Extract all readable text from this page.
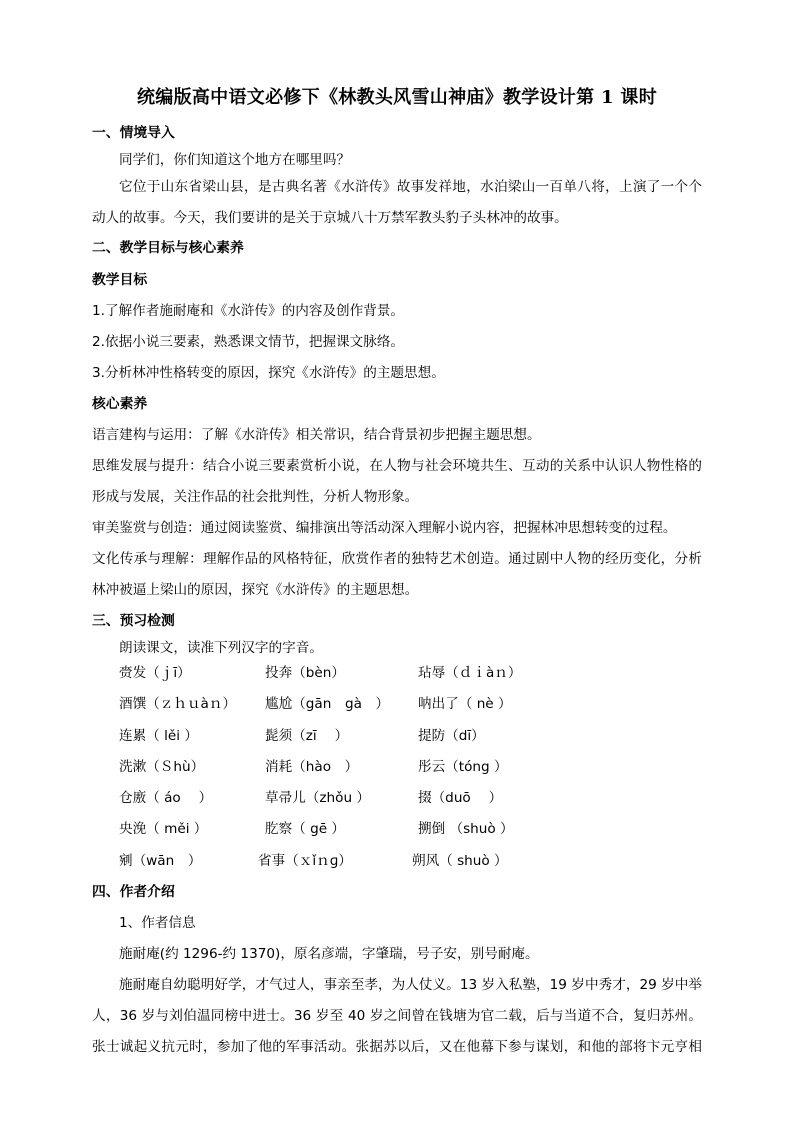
统编版高中语文必修下《林教头风雪山神庙》教学设计第 1 课时
一、情境导入
同学们，你们知道这个地方在哪里吗？
它位于山东省梁山县，是古典名著《水浒传》故事发祥地，水泊梁山一百单八将，上演了一个个
动人的故事。今天，我们要讲的是关于京城八十万禁军教头豹子头林冲的故事。
二、教学目标与核心素养
教学目标
1.了解作者施耐庵和《水浒传》的内容及创作背景。
2.依据小说三要素，熟悉课文情节，把握课文脉络。
3.分析林冲性格转变的原因，探究《水浒传》的主题思想。
核心素养
语言建构与运用：了解《水浒传》相关常识，结合背景初步把握主题思想。
思维发展与提升：结合小说三要素赏析小说，在人物与社会环境共生、互动的关系中认识人物性格的
形成与发展，关注作品的社会批判性，分析人物形象。
审美鉴赏与创造：通过阅读鉴赏、编排演出等活动深入理解小说内容，把握林冲思想转变的过程。
文化传承与理解：理解作品的风格特征，欣赏作者的独特艺术创造。通过剧中人物的经历变化，分析
林冲被逼上梁山的原因，探究《水浒传》的主题思想。
三、预习检测
朗读课文，读准下列汉字的字音。
赍发（ｊī）	投奔（bèn）	玷辱（ｄｉàｎ）
酒馔（ｚｈｕàｎ） 尴尬（gān　gà　） 呐出了（ nè ）
连累（ lěi ）	髭须（zī　 ）	提防（dī）
洗漱（Ｓhù）	消耗（hào　）	彤云（tóng ）
仓廒（ áo　 ）	草帚儿（zhǒu ）	掇（duō　 ）
央浼（ měi ）	肐察（ gē ）	搠倒 （shuò ）
剜（wān　）	省事（ｘǐｎɡ）	朔风（ shuò ）
四、作者介绍
1、作者信息
施耐庵(约 1296-约 1370)，原名彦端，字肇瑞，号子安，别号耐庵。
施耐庵自幼聪明好学，才气过人，事亲至孝，为人仗义。13 岁入私塾，19 岁中秀才，29 岁中举
人，36 岁与刘伯温同榜中进士。36 岁至 40 岁之间曾在钱塘为官二载，后与当道不合，复归苏州。
张士诚起义抗元时，参加了他的军事活动。张据苏以后，又在他幕下参与谋划，和他的部将卞元亨相
